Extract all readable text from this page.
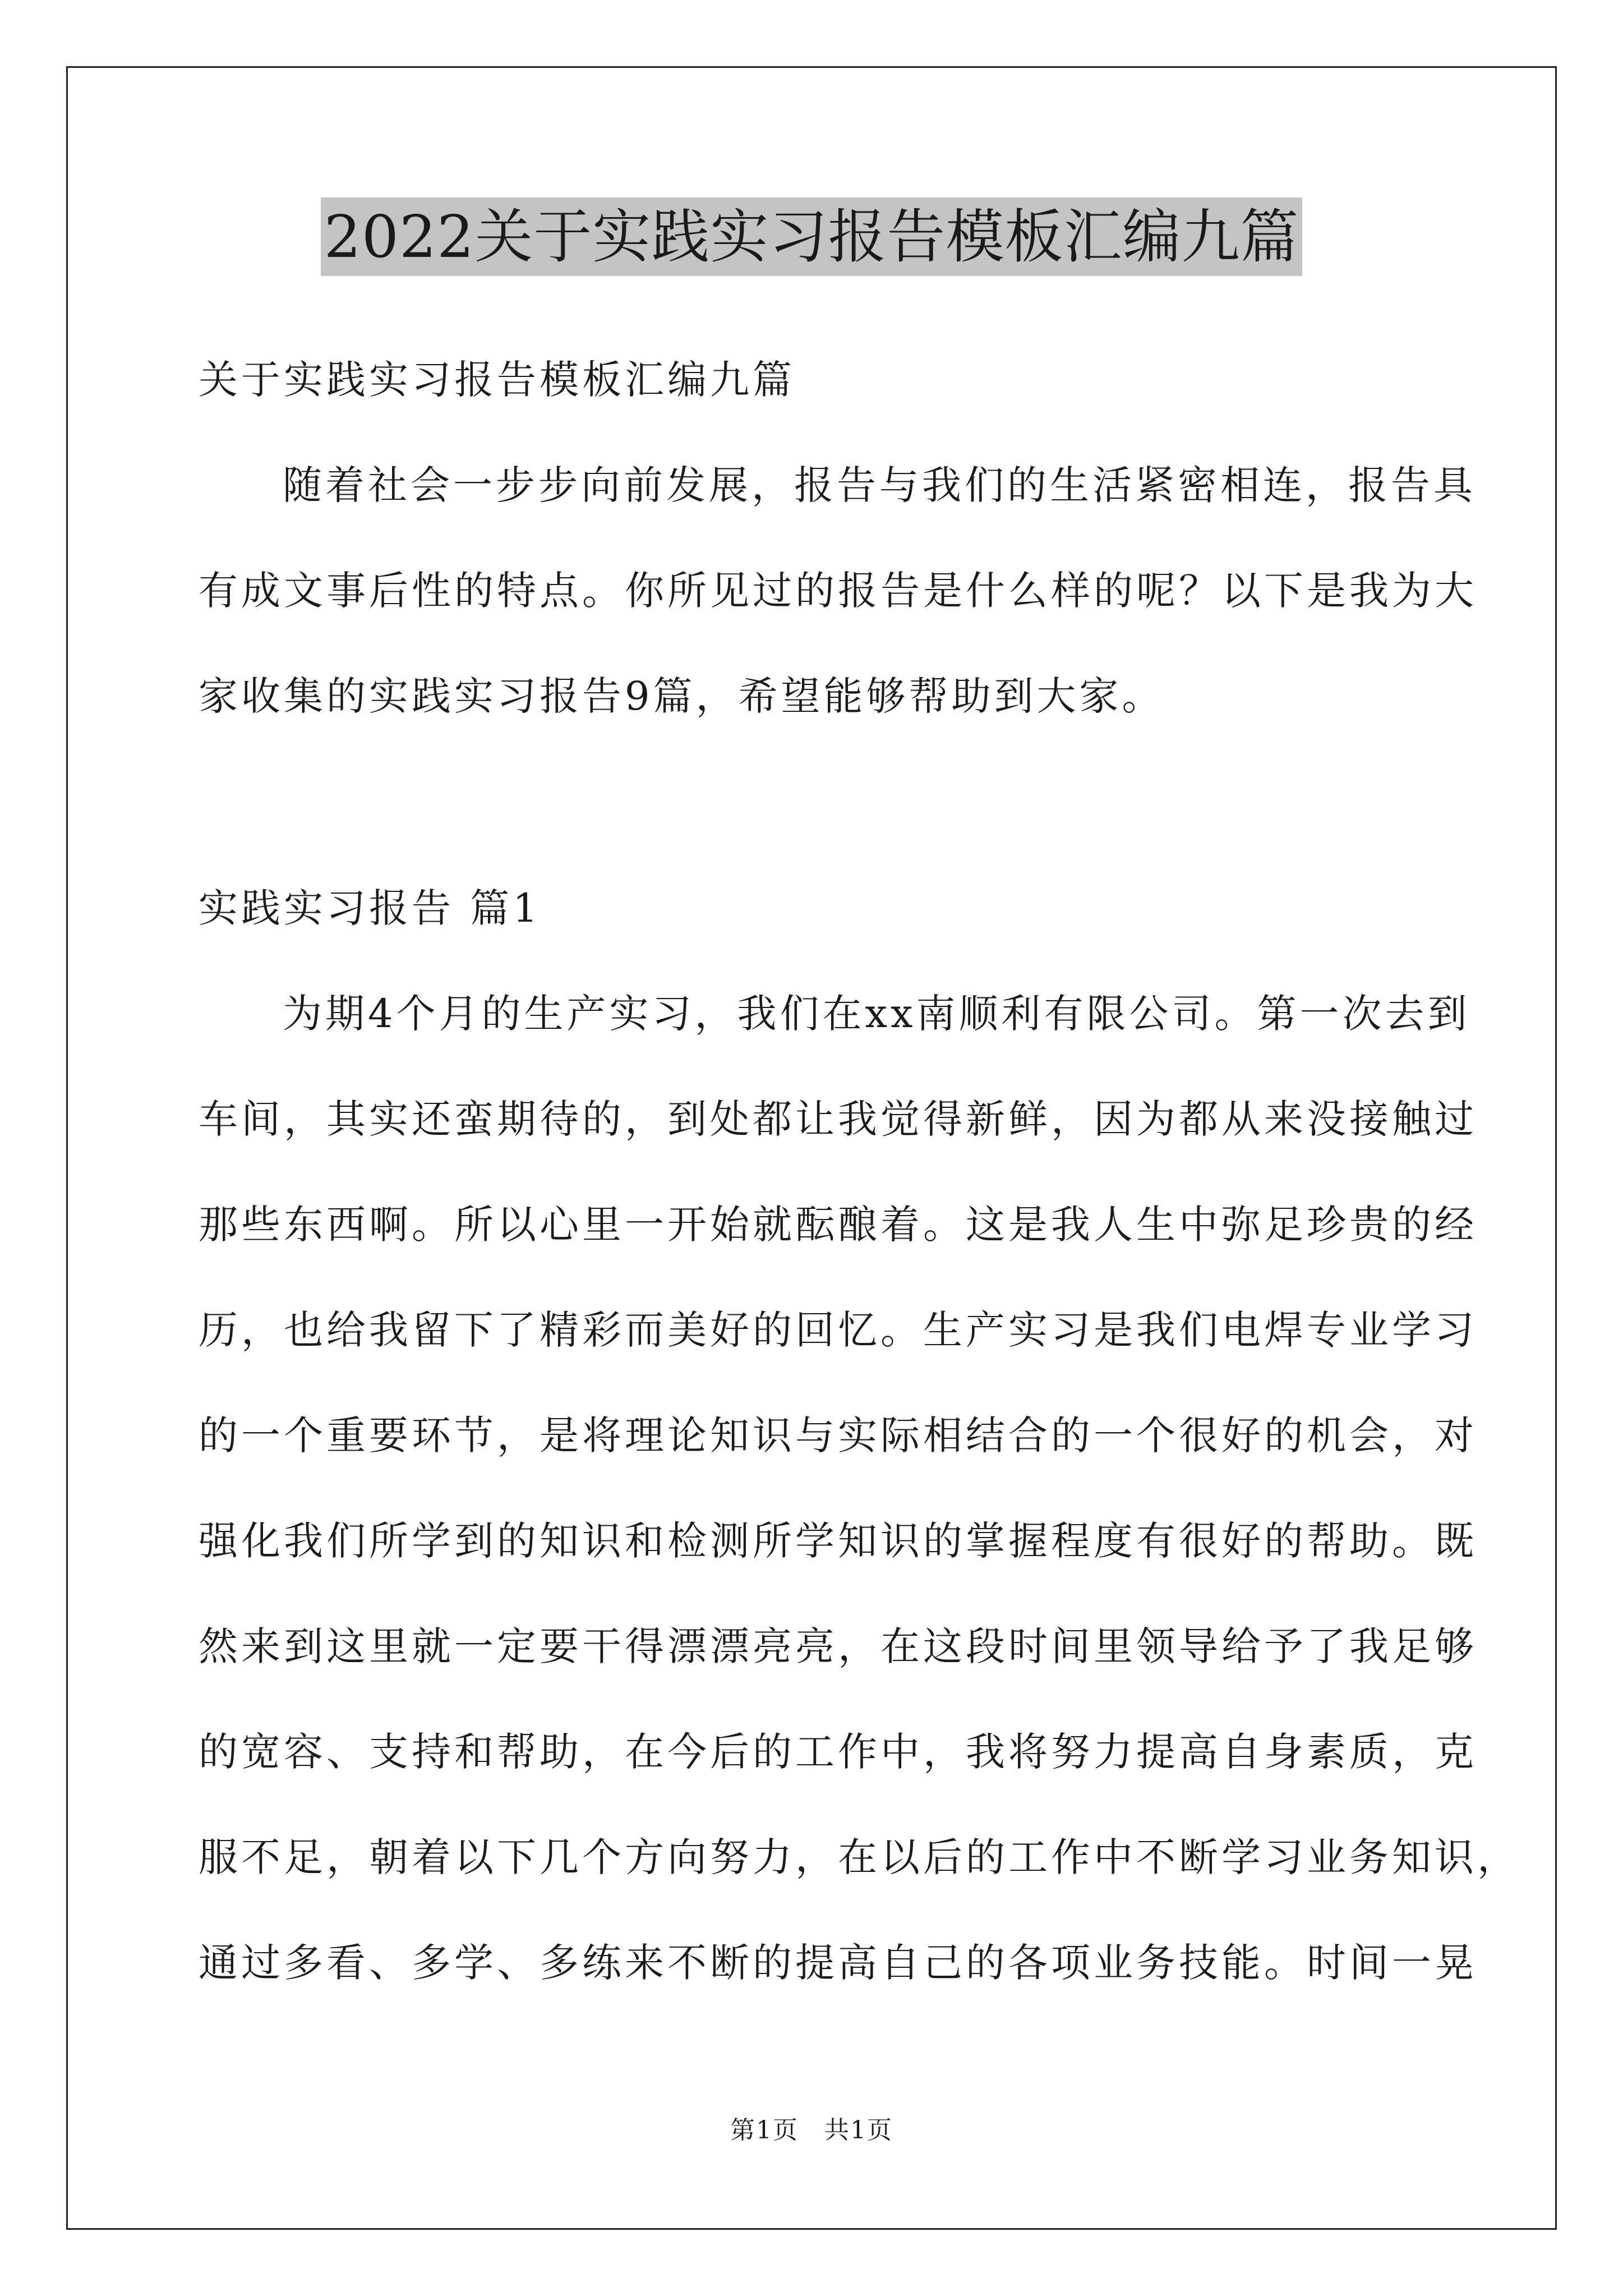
2022关于实践实习报告模板汇编九篇
关于实践实习报告模板汇编九篇
随着社会一步步向前发展，报告与我们的生活紧密相连，报告具
有成文事后性的特点。你所见过的报告是什么样的呢？以下是我为大
家收集的实践实习报告9篇，希望能够帮助到大家。
实践实习报告 篇1
为期4个月的生产实习，我们在xx南顺利有限公司。第一次去到
车间，其实还蛮期待的，到处都让我觉得新鲜，因为都从来没接触过
那些东西啊。所以心里一开始就酝酿着。这是我人生中弥足珍贵的经
历，也给我留下了精彩而美好的回忆。生产实习是我们电焊专业学习
的一个重要环节，是将理论知识与实际相结合的一个很好的机会，对
强化我们所学到的知识和检测所学知识的掌握程度有很好的帮助。既
然来到这里就一定要干得漂漂亮亮，在这段时间里领导给予了我足够
的宽容、支持和帮助，在今后的工作中，我将努力提高自身素质，克
服不足，朝着以下几个方向努力，在以后的工作中不断学习业务知识，
通过多看、多学、多练来不断的提高自己的各项业务技能。时间一晃
第1页　共1页
